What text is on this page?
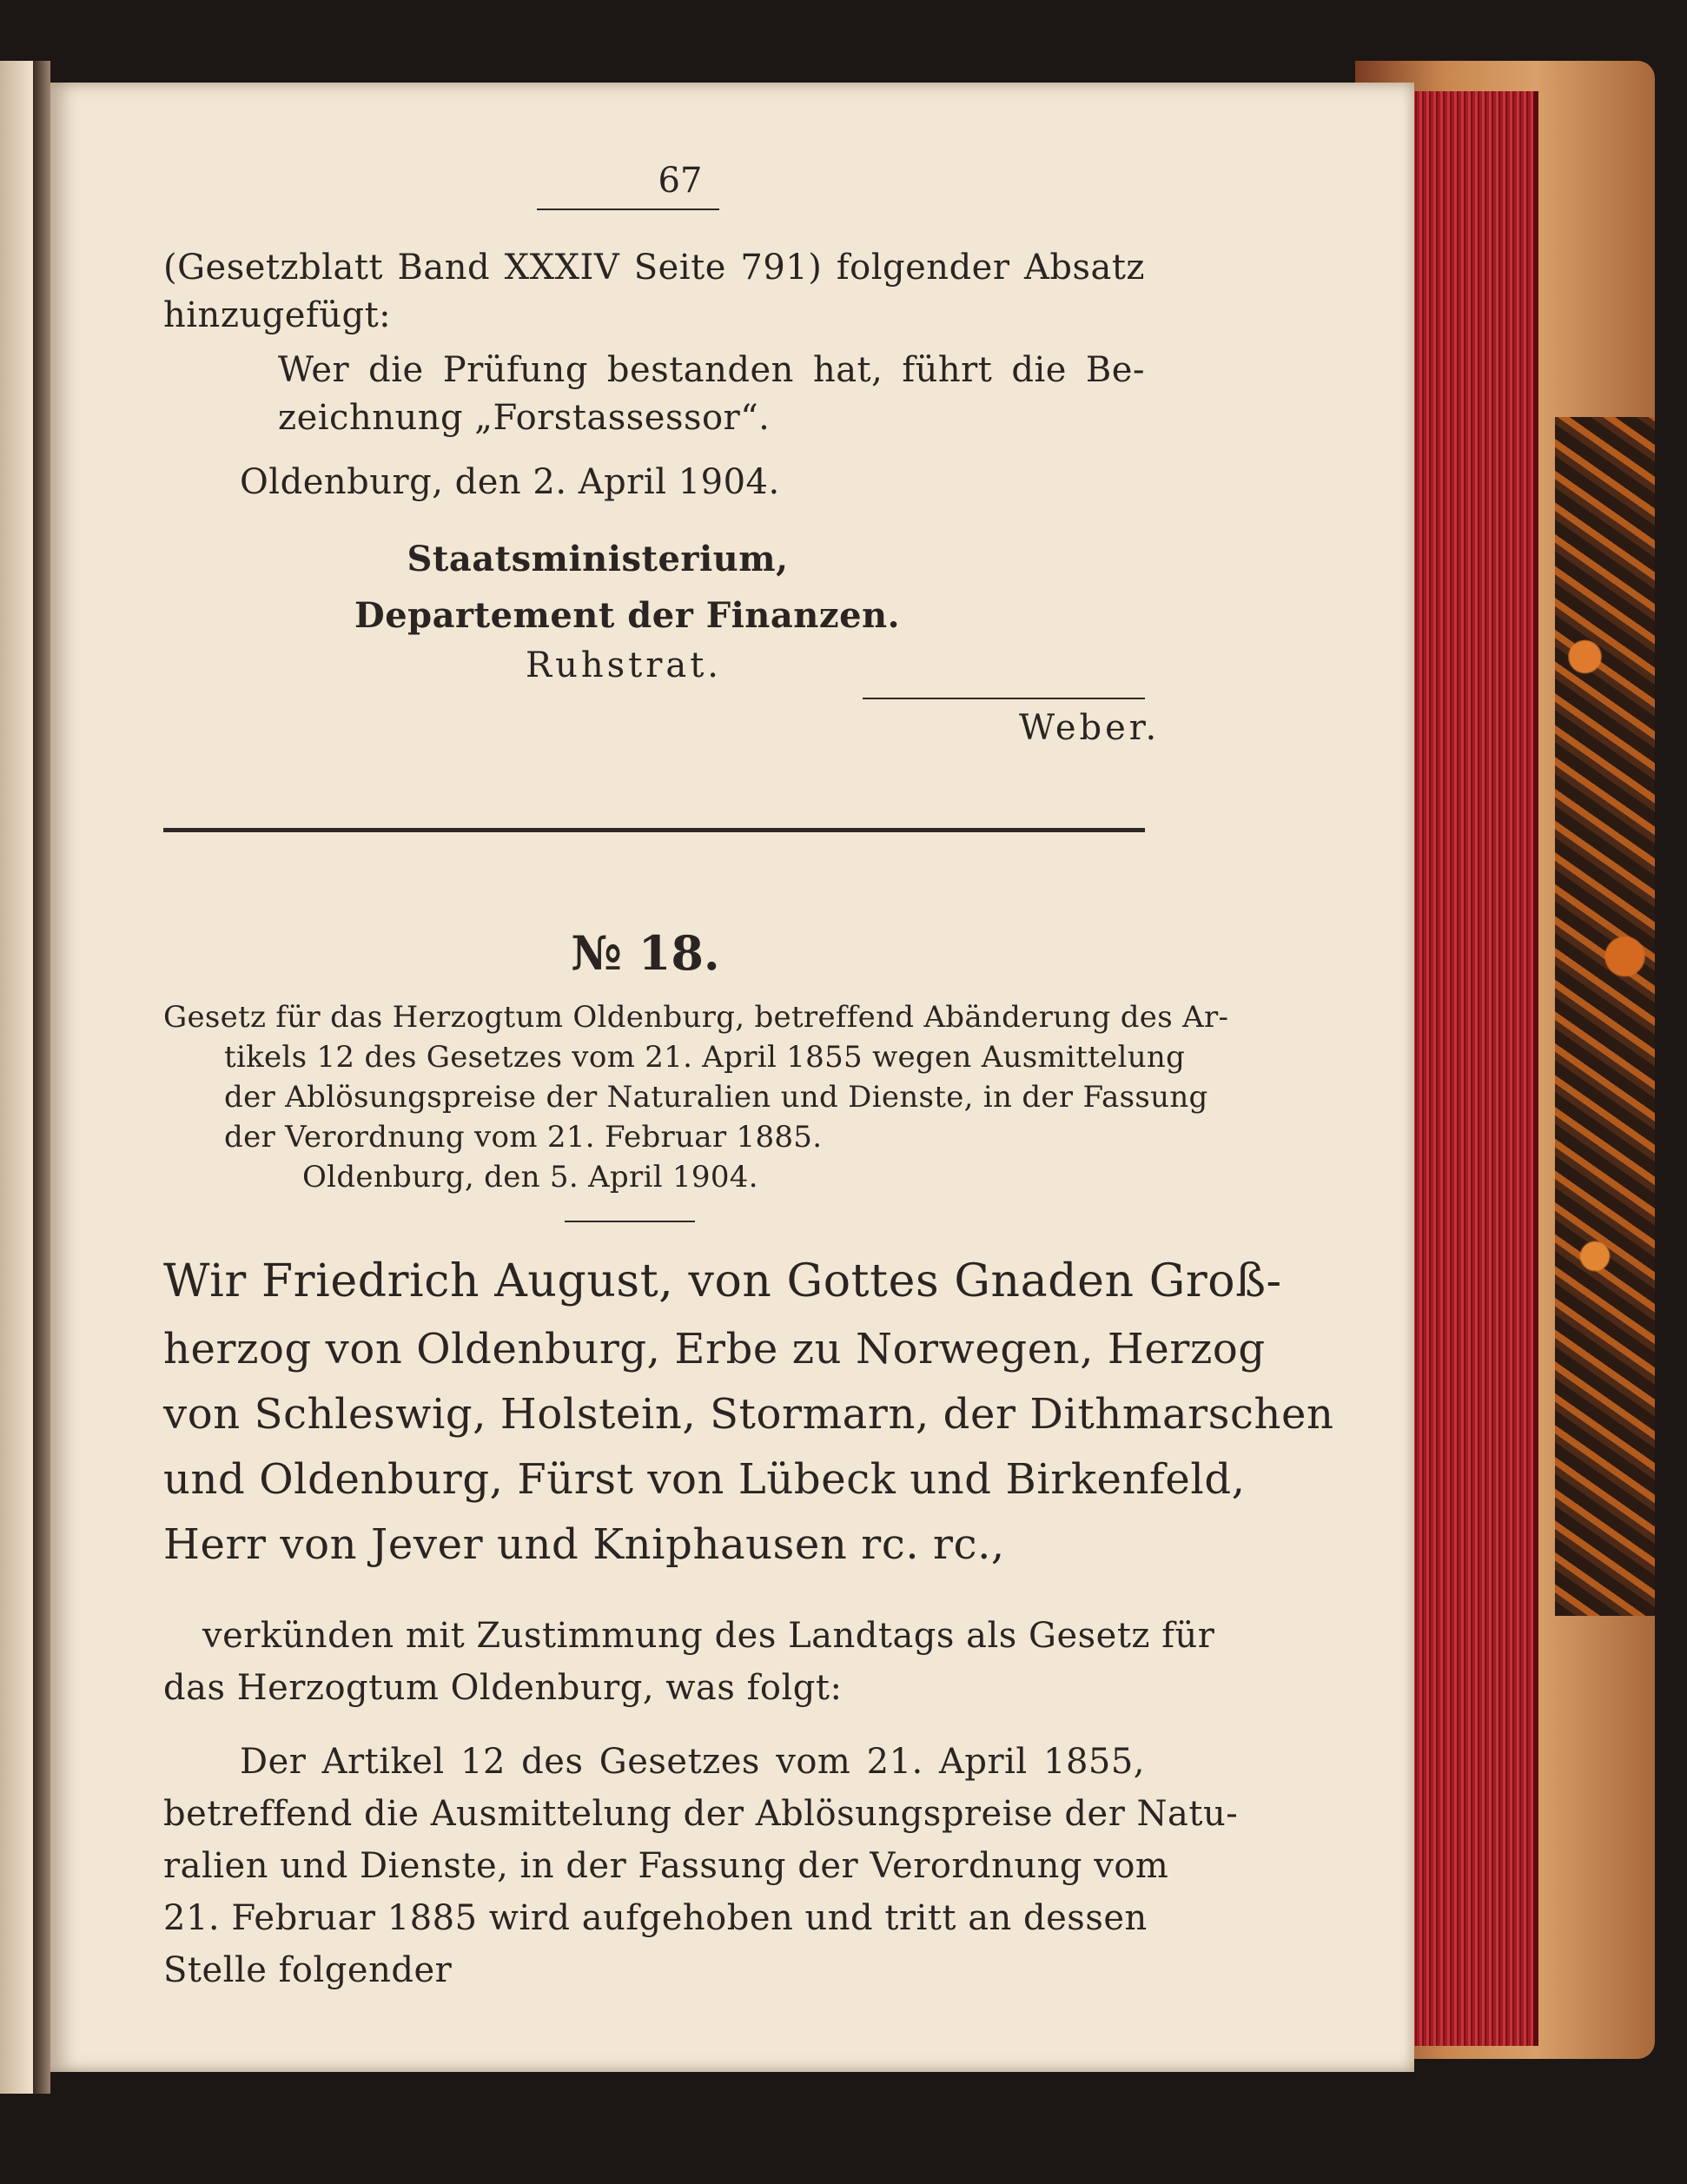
67
(Gesetzblatt Band XXXIV Seite 791) folgender Absatz
hinzugefügt:
Wer die Prüfung bestanden hat, führt die Be-
zeichnung „Forstassessor“.
Oldenburg, den 2. April 1904.
Staatsministerium,
Departement der Finanzen.
Ruhstrat.
Weber.
№ 18.
Gesetz für das Herzogtum Oldenburg, betreffend Abänderung des Ar-
tikels 12 des Gesetzes vom 21. April 1855 wegen Ausmittelung
der Ablösungspreise der Naturalien und Dienste, in der Fassung
der Verordnung vom 21. Februar 1885.
Oldenburg, den 5. April 1904.
Wir Friedrich August, von Gottes Gnaden Groß-
herzog von Oldenburg, Erbe zu Norwegen, Herzog
von Schleswig, Holstein, Stormarn, der Dithmarschen
und Oldenburg, Fürst von Lübeck und Birkenfeld,
Herr von Jever und Kniphausen rc. rc.,
verkünden mit Zustimmung des Landtags als Gesetz für
das Herzogtum Oldenburg, was folgt:
Der Artikel 12 des Gesetzes vom 21. April 1855,
betreffend die Ausmittelung der Ablösungspreise der Natu-
ralien und Dienste, in der Fassung der Verordnung vom
21. Februar 1885 wird aufgehoben und tritt an dessen
Stelle folgender
